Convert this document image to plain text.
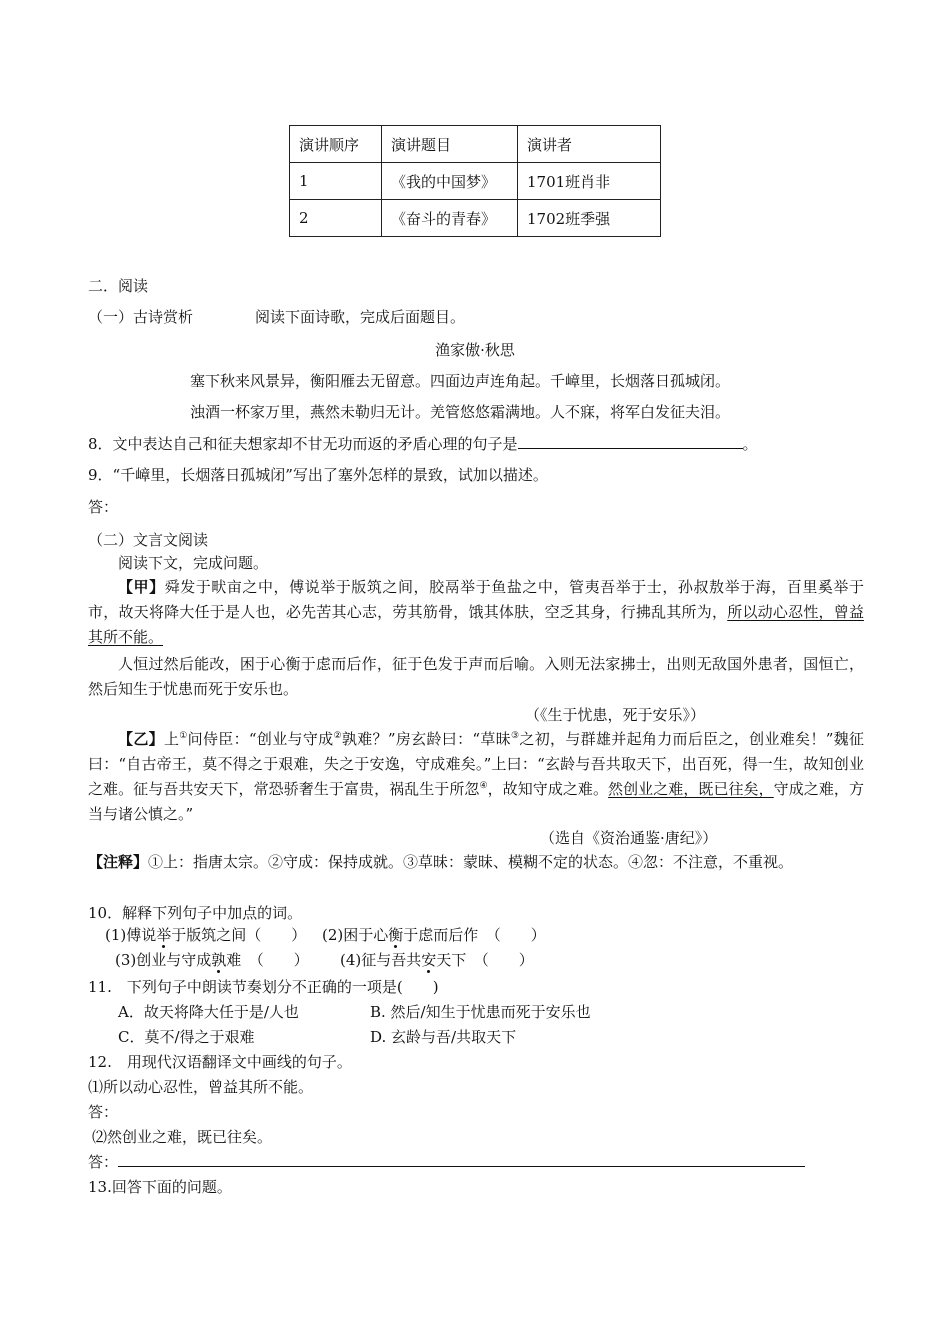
演讲顺序	演讲题目	演讲者
1	《我的中国梦》	1701班肖非
2	《奋斗的青春》	1702班季强
二．阅读
（一）古诗赏析	阅读下面诗歌，完成后面题目。
渔家傲·秋思
塞下秋来风景异，衡阳雁去无留意。四面边声连角起。千嶂里，长烟落日孤城闭。
浊酒一杯家万里，燕然未勒归无计。羌管悠悠霜满地。人不寐，将军白发征夫泪。
8．文中表达自己和征夫想家却不甘无功而返的矛盾心理的句子是	。
9．“千嶂里，长烟落日孤城闭”写出了塞外怎样的景致，试加以描述。
答：
（二）文言文阅读
阅读下文，完成问题。
【甲】舜发于畎亩之中，傅说举于版筑之间，胶鬲举于鱼盐之中，管夷吾举于士，孙叔敖举于海，百里奚举于市，故天将降大任于是人也，必先苦其心志，劳其筋骨，饿其体肤，空乏其身，行拂乱其所为，所以动心忍性，曾益其所不能。
人恒过然后能改，困于心衡于虑而后作，征于色发于声而后喻。入则无法家拂士，出则无敌国外患者，国恒亡，然后知生于忧患而死于安乐也。
（《生于忧患，死于安乐》）
【乙】上①问侍臣：“创业与守成②孰难？”房玄龄曰：“草昧③之初，与群雄并起角力而后臣之，创业难矣！”魏征曰：“自古帝王，莫不得之于艰难，失之于安逸，守成难矣。”上曰：“玄龄与吾共取天下，出百死，得一生，故知创业之难。征与吾共安天下，常恐骄奢生于富贵，祸乱生于所忽④，故知守成之难。然创业之难，既已往矣，守成之难，方当与诸公慎之。”
（选自《资治通鉴·唐纪》）
【注释】①上：指唐太宗。②守成：保持成就。③草昧：蒙昧、模糊不定的状态。④忽：不注意，不重视。
10．解释下列句子中加点的词。
(1)傅说举于版筑之间（　　） (2)困于心衡于虑而后作　（　　）
(3)创业与守成孰难　（　　） (4)征与吾共安天下　（　　）
11.　下列句子中朗读节奏划分不正确的一项是(　　)
A．故天将降大任于是/人也	B. 然后/知生于忧患而死于安乐也
C．莫不/得之于艰难	D. 玄龄与吾/共取天下
12.　用现代汉语翻译文中画线的句子。
⑴所以动心忍性，曾益其所不能。
答：
⑵然创业之难，既已往矣。
答：
13.回答下面的问题。
